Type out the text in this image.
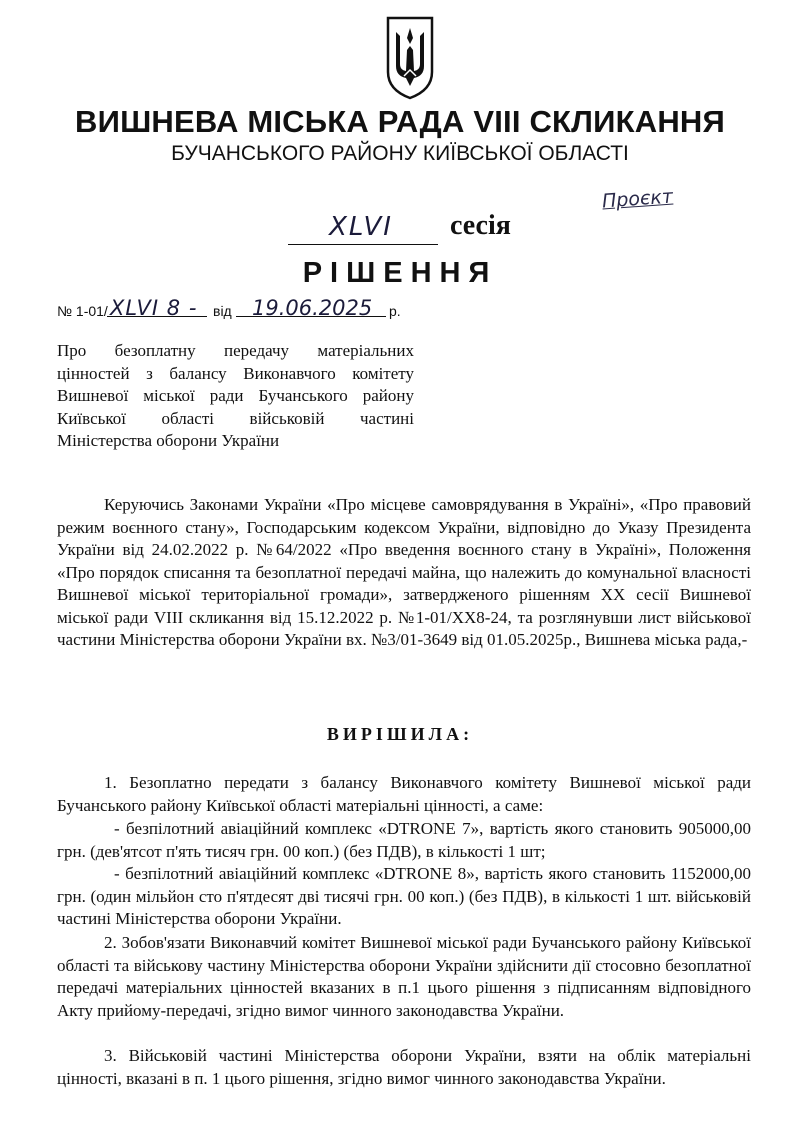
ВИШНЕВА МІСЬКА РАДА VIII СКЛИКАННЯ
БУЧАНСЬКОГО РАЙОНУ КИЇВСЬКОЇ ОБЛАСТІ
Проєкт
XLVI	сесія
РІШЕННЯ
№ 1-01/ XLVI 8 - від 19.06.2025 р.
Про безоплатну передачу матеріальних цінностей з балансу Виконавчого комітету Вишневої міської ради Бучанського району Київської області військовій частині Міністерства оборони України
Керуючись Законами України «Про місцеве самоврядування в Україні», «Про правовий режим воєнного стану», Господарським кодексом України, відповідно до Указу Президента України від 24.02.2022 р. №64/2022 «Про введення воєнного стану в Україні», Положення «Про порядок списання та безоплатної передачі майна, що належить до комунальної власності Вишневої міської територіальної громади», затвердженого рішенням XX сесії Вишневої міської ради VIII скликання від 15.12.2022 р. №1-01/XX8-24, та розглянувши лист військової частини Міністерства оборони України вх. №3/01-3649 від 01.05.2025р., Вишнева міська рада,-
ВИРІШИЛА:
1. Безоплатно передати з балансу Виконавчого комітету Вишневої міської ради Бучанського району Київської області матеріальні цінності, а саме:
- безпілотний авіаційний комплекс «DTRONE 7», вартість якого становить 905000,00 грн. (дев'ятсот п'ять тисяч грн. 00 коп.) (без ПДВ), в кількості 1 шт;
- безпілотний авіаційний комплекс «DTRONE 8», вартість якого становить 1152000,00 грн. (один мільйон сто п'ятдесят дві тисячі грн. 00 коп.) (без ПДВ), в кількості 1 шт. військовій частині Міністерства оборони України.
2. Зобов'язати Виконавчий комітет Вишневої міської ради Бучанського району Київської області та військову частину Міністерства оборони України здійснити дії стосовно безоплатної передачі матеріальних цінностей вказаних в п.1 цього рішення з підписанням відповідного Акту прийому-передачі, згідно вимог чинного законодавства України.
3. Військовій частині Міністерства оборони України, взяти на облік матеріальні цінності, вказані в п. 1 цього рішення, згідно вимог чинного законодавства України.
